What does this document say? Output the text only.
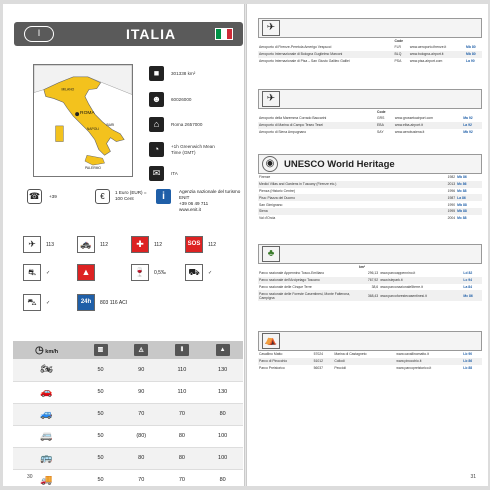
I	ITALIA
ROMA
MILANO
NAPOLI
BARI
PALERMO
■	301338 km²
☻	60026000
⌂	Roma 2657000
◔	+1h Greenwich Mean Time (GMT)
✉	ITA
☎	+39	€	1 Euro (EUR) = 100 Cent	i	Agenzia nazionale del turismo ENIT
+39 06 49 711
www.enit.it
✈	113	🚓	112	✚	112	SOS	112
⛐	✓	▲	🍷	0,5‰	⛟	✓
⛍	✓	24h	803 116 ACI
◷ km/h	▥	◬	Ⅱ	▲
🏍	50	90	110	130
🚗	50	90	110	130
🚙	50	70	70	80
🚐	50	(80)	80	100
🚌	50	80	80	100
🚚	50	70	70	80
30
✈
	Code		
Aeroporto di Firenze-Peretola Amerigo Vespucci	FLR	www.aeroporto.firenze.it	Mb 80
Aeroporto Internazionale di Bologna Guglielmo Marconi	BLQ	www.bologna-airport.it	Mb 80
Aeroporto Internazionale di Pisa – San Giusto Galileo Galilei	PSA	www.pisa-airport.com	La 90
✈
	Code		
Aeroporto della Maremma Corrado Baccarini	GRS	www.grossetoairport.com	Ma 92
Aeroporto di Marina di Campo Teseo Tesei	EBA	www.elba-airport.it	La 92
Aeroporto di Siena Ampugnano	SAY	www.aerobusiena.it	Mb 92
◉	UNESCO World Heritage
Firenze	1982	Mb 86
Medici Villas and Gardens in Tuscany (Firenze etc.)	2013	Mc 86
Pienza (Historic Centre)	1996	Mc 88
Pisa: Piazza del Duomo	1987	La 86
San Gimignano	1990	Mb 88
Siena	1995	Mb 88
Val d'Orcia	2004	Mc 88
♣
	km²		
Parco nazionale Appennino Tosco-Emiliano	296,13	www.parcoappennino.it	Ld 82
Parco nazionale dell'Arcipelago Toscano	767,92	www.islepark.it	Lc 94
Parco nazionale delle Cinque Terre	38,6	www.parconazionale5terre.it	La 84
Parco nazionale delle Foreste Casentinesi, Monte Falterona, Campigna	368,43	www.parcoforestecasentinesi.it	Mc 86
⛺
Cavallino Matto	57024	Marina di Castagneto	www.cavallinomatto.it	Lb 90
Parco di Pinocchio	51012	Collodi	www.pinocchio.it	Lb 86
Parco Preistorico	56037	Peccioli	www.parcopreistorico.it	Lb 88
31
